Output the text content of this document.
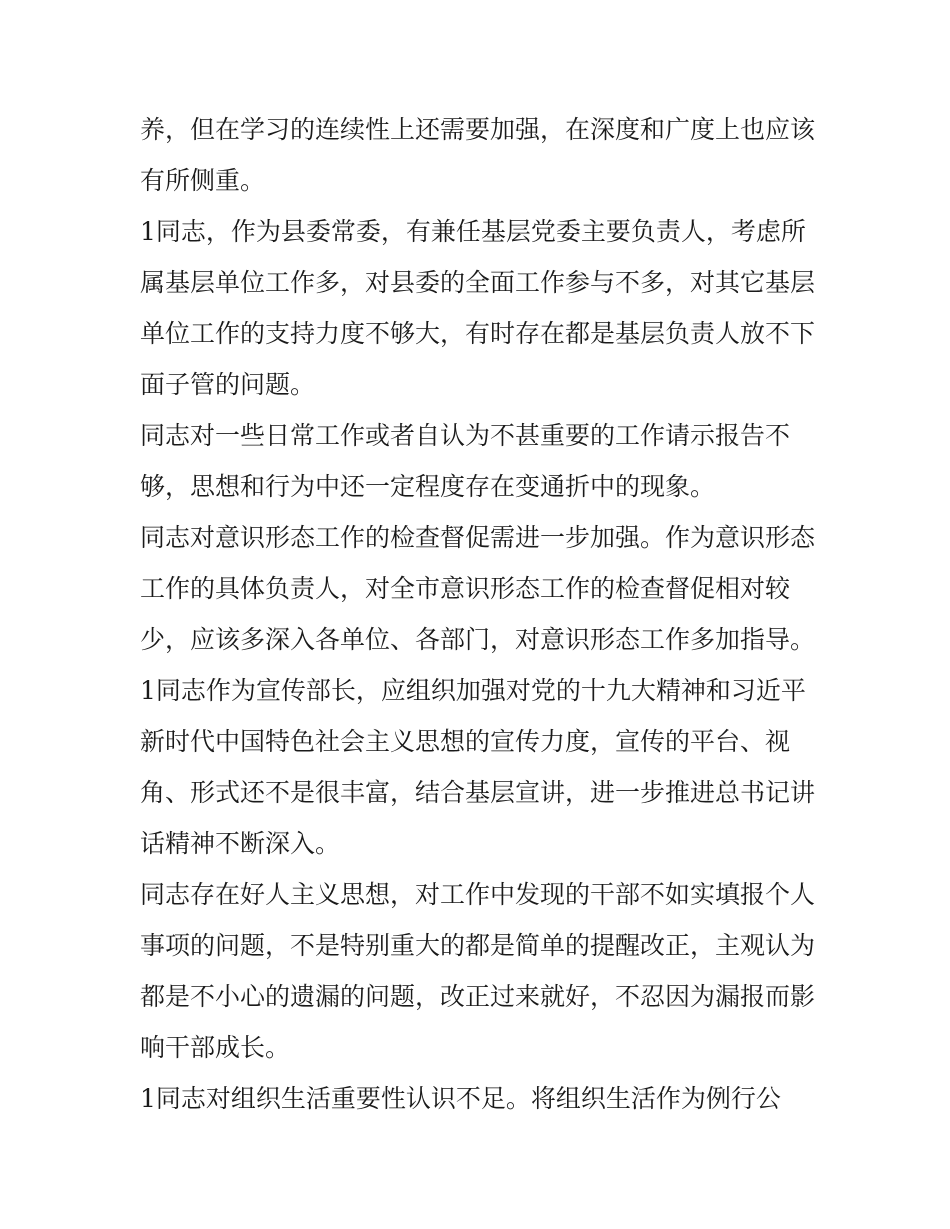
养，但在学习的连续性上还需要加强，在深度和广度上也应该
有所侧重。
1同志，作为县委常委，有兼任基层党委主要负责人，考虑所
属基层单位工作多，对县委的全面工作参与不多，对其它基层
单位工作的支持力度不够大，有时存在都是基层负责人放不下
面子管的问题。
同志对一些日常工作或者自认为不甚重要的工作请示报告不
够，思想和行为中还一定程度存在变通折中的现象。
同志对意识形态工作的检查督促需进一步加强。作为意识形态
工作的具体负责人，对全市意识形态工作的检查督促相对较
少，应该多深入各单位、各部门，对意识形态工作多加指导。
1同志作为宣传部长，应组织加强对党的十九大精神和习近平
新时代中国特色社会主义思想的宣传力度，宣传的平台、视
角、形式还不是很丰富，结合基层宣讲，进一步推进总书记讲
话精神不断深入。
同志存在好人主义思想，对工作中发现的干部不如实填报个人
事项的问题，不是特别重大的都是简单的提醒改正，主观认为
都是不小心的遗漏的问题，改正过来就好，不忍因为漏报而影
响干部成长。
1同志对组织生活重要性认识不足。将组织生活作为例行公
